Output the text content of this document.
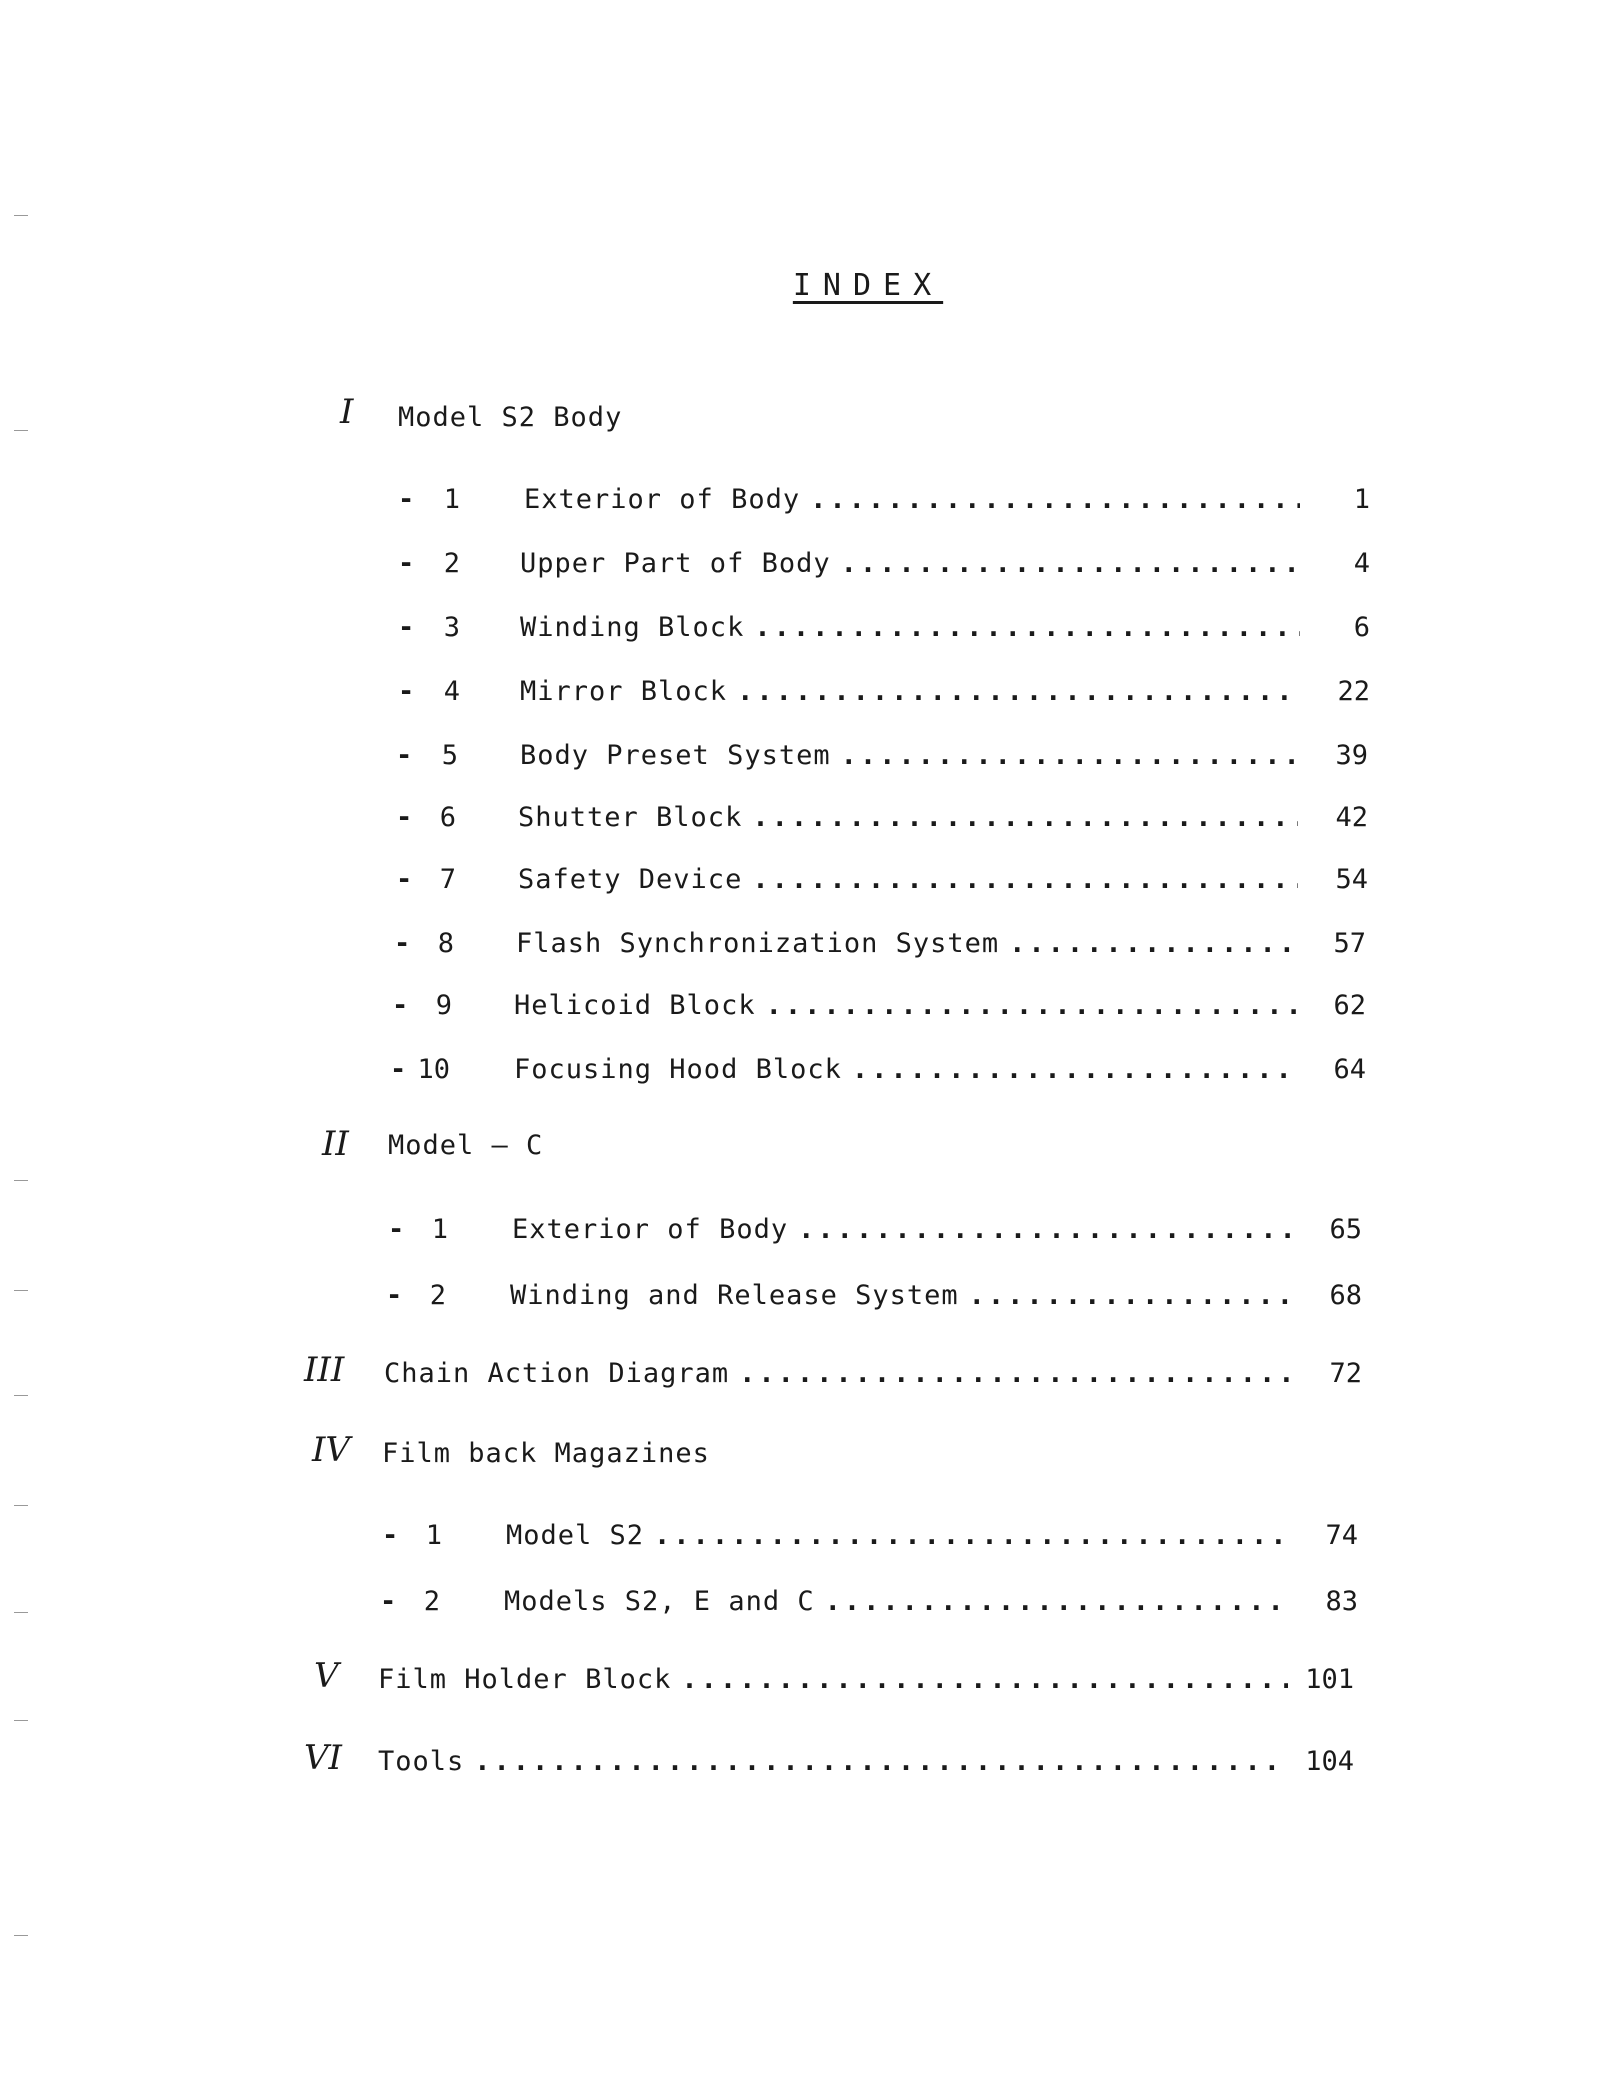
INDEX
I	Model S2 Body
-	1 Exterior of Body .....	1
-	2 Upper Part of Body .....	4
-	3 Winding Block .....	6
-	4 Mirror Block .....	22
-	5 Body Preset System .....	39
-	6 Shutter Block .....	42
-	7 Safety Device .....	54
-	8 Flash Synchronization System .....	57
-	9 Helicoid Block .....	62
- 10 Focusing Hood Block .....	64
II	Model – C
-	1 Exterior of Body .....	65
-	2 Winding and Release System .....	68
III	Chain Action Diagram .....	72
IV	Film back Magazines
-	1 Model S2 .....	74
-	2 Models S2, E and C .....	83
V	Film Holder Block .....	101
VI	Tools .....	104
